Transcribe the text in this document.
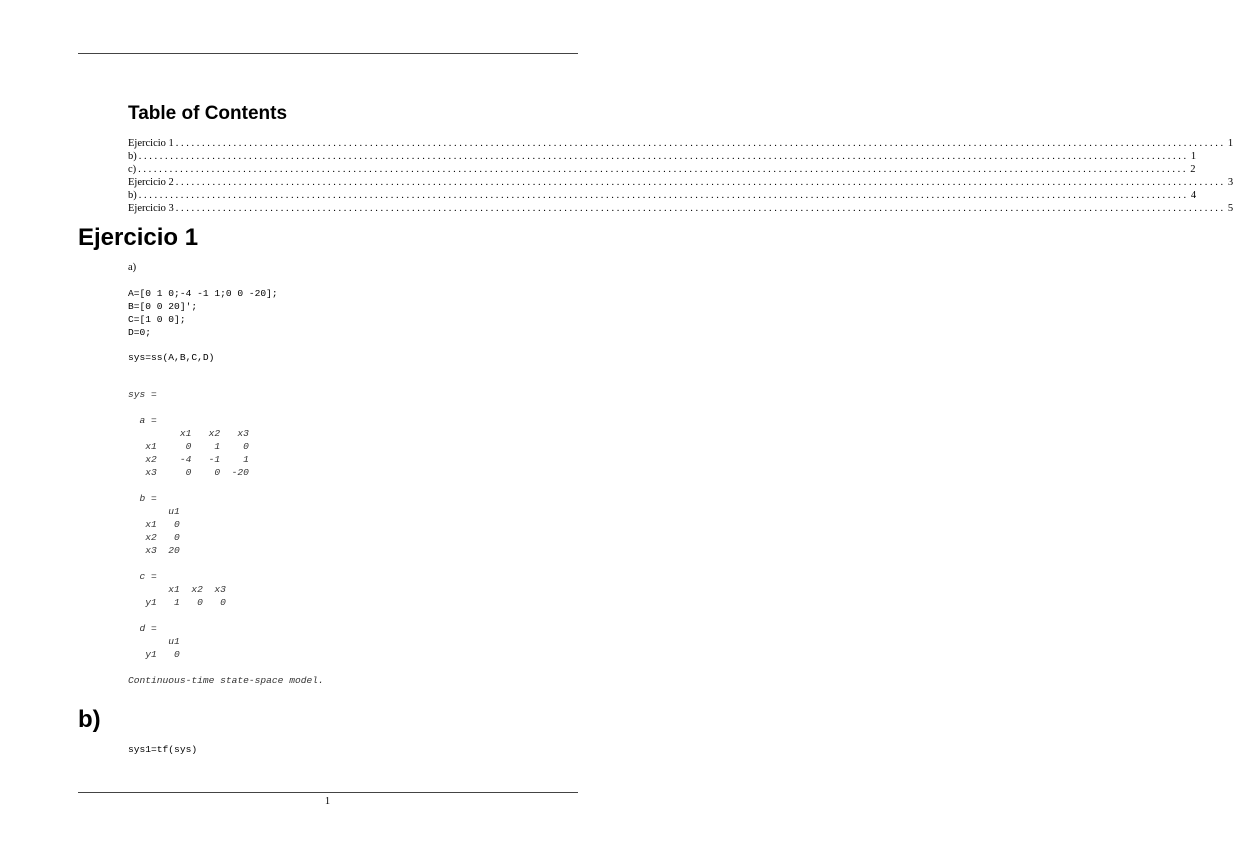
Table of Contents
Ejercicio 1 . . . . . . . . . . . . . . . . . . . . . . . . . . . . . . . . . . . . . . . . . . . . . . . . . . . . . . . . . . . . . . . . . . . . . . . . . . . . . . . . . . . . . . . . . . . . . . . . . . . . . . . . . . . . . . . . . . . . . . . . . . . . . . . . . . . . . . . . . . . . . . . . . . . . . . . . . . . . . . . . . . . . . . . . . . . . . . . . . . . . . . . . . . . . . . . . . . . . . . . . 1
b) . . . . . . . . . . . . . . . . . . . . . . . . . . . . . . . . . . . . . . . . . . . . . . . . . . . . . . . . . . . . . . . . . . . . . . . . . . . . . . . . . . . . . . . . . . . . . . . . . . . . . . . . . . . . . . . . . . . . . . . . . . . . . . . . . . . . . . . . . . . . . . . . . . . . . . . . . . . . . . . . . . . . . . . . . . . . . . . . . . . . . . . . . . . . . . . . . . . . . . . . 1
c) . . . . . . . . . . . . . . . . . . . . . . . . . . . . . . . . . . . . . . . . . . . . . . . . . . . . . . . . . . . . . . . . . . . . . . . . . . . . . . . . . . . . . . . . . . . . . . . . . . . . . . . . . . . . . . . . . . . . . . . . . . . . . . . . . . . . . . . . . . . . . . . . . . . . . . . . . . . . . . . . . . . . . . . . . . . . . . . . . . . . . . . . . . . . . . . . . . . . . . . . 2
Ejercicio 2 . . . . . . . . . . . . . . . . . . . . . . . . . . . . . . . . . . . . . . . . . . . . . . . . . . . . . . . . . . . . . . . . . . . . . . . . . . . . . . . . . . . . . . . . . . . . . . . . . . . . . . . . . . . . . . . . . . . . . . . . . . . . . . . . . . . . . . . . . . . . . . . . . . . . . . . . . . . . . . . . . . . . . . . . . . . . . . . . . . . . . . . . . . . . . . . . . . . . . . . . 3
b) . . . . . . . . . . . . . . . . . . . . . . . . . . . . . . . . . . . . . . . . . . . . . . . . . . . . . . . . . . . . . . . . . . . . . . . . . . . . . . . . . . . . . . . . . . . . . . . . . . . . . . . . . . . . . . . . . . . . . . . . . . . . . . . . . . . . . . . . . . . . . . . . . . . . . . . . . . . . . . . . . . . . . . . . . . . . . . . . . . . . . . . . . . . . . . . . . . . . . . . . 4
Ejercicio 3 . . . . . . . . . . . . . . . . . . . . . . . . . . . . . . . . . . . . . . . . . . . . . . . . . . . . . . . . . . . . . . . . . . . . . . . . . . . . . . . . . . . . . . . . . . . . . . . . . . . . . . . . . . . . . . . . . . . . . . . . . . . . . . . . . . . . . . . . . . . . . . . . . . . . . . . . . . . . . . . . . . . . . . . . . . . . . . . . . . . . . . . . . . . . . . . . . . . . . . . . 5
Ejercicio 1
a)
A=[0 1 0;-4 -1 1;0 0 -20];
B=[0 0 20]';
C=[1 0 0];
D=0;
sys=ss(A,B,C,D)
sys =

a =
x1   x2   x3
x1     0    1    0
x2    -4   -1    1
x3     0    0  -20

b =
u1
x1   0
x2   0
x3  20

c =
x1  x2  x3
y1   1   0   0

d =
u1
y1   0

Continuous-time state-space model.
b)
sys1=tf(sys)
1
